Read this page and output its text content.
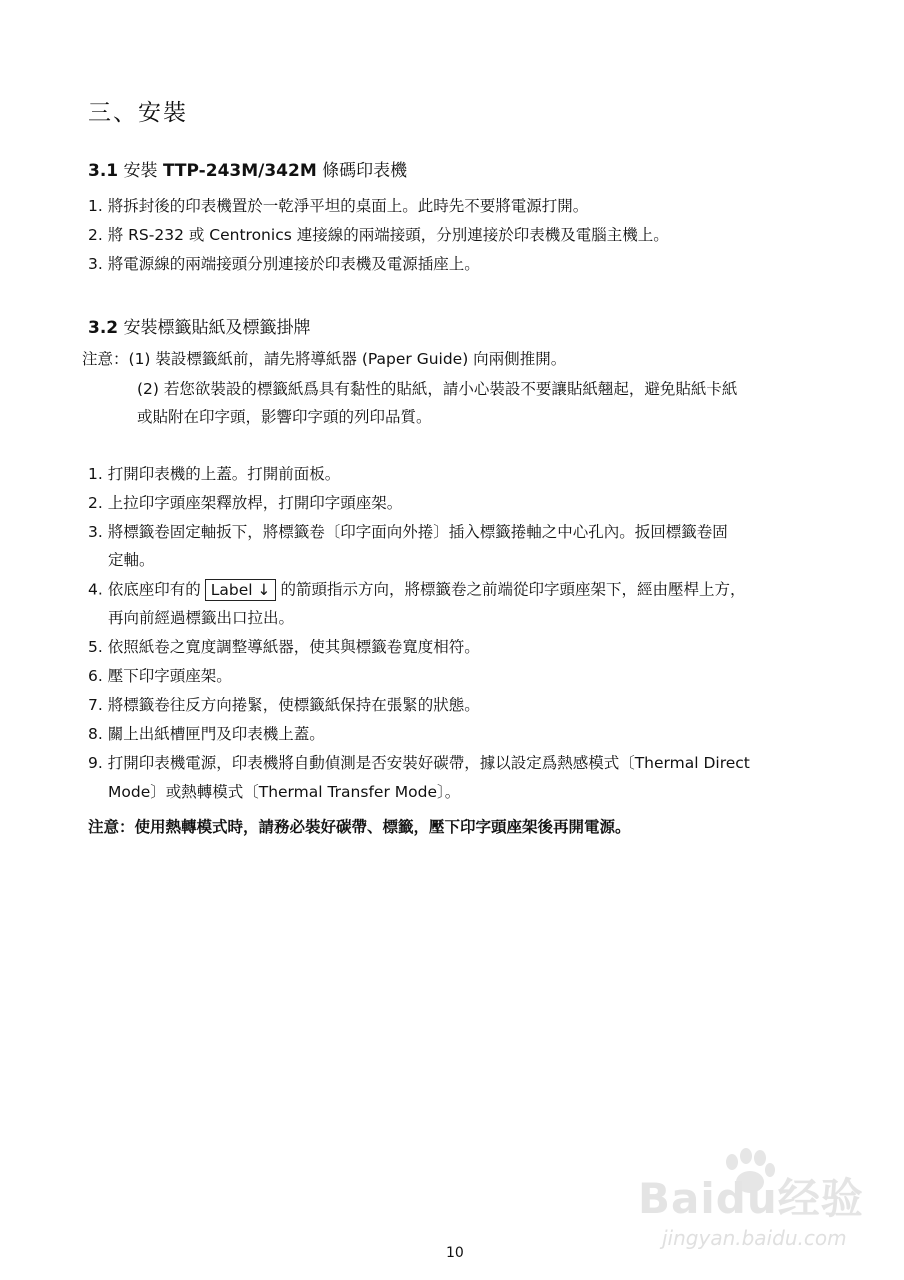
三、安裝
3.1 安裝 TTP-243M/342M 條碼印表機
1. 將拆封後的印表機置於一乾淨平坦的桌面上。此時先不要將電源打開。
2. 將 RS-232 或 Centronics 連接線的兩端接頭，分別連接於印表機及電腦主機上。
3. 將電源線的兩端接頭分別連接於印表機及電源插座上。
3.2 安裝標籤貼紙及標籤掛牌
注意：(1) 裝設標籤紙前，請先將導紙器 (Paper Guide) 向兩側推開。
(2) 若您欲裝設的標籤紙爲具有黏性的貼紙，請小心裝設不要讓貼紙翹起，避免貼紙卡紙
或貼附在印字頭，影響印字頭的列印品質。
1. 打開印表機的上蓋。打開前面板。
2. 上拉印字頭座架釋放桿，打開印字頭座架。
3. 將標籤卷固定軸扳下，將標籤卷〔印字面向外捲〕插入標籤捲軸之中心孔內。扳回標籤卷固
定軸。
4. 依底座印有的 Label ↓ 的箭頭指示方向，將標籤卷之前端從印字頭座架下，經由壓桿上方，
再向前經過標籤出口拉出。
5. 依照紙卷之寬度調整導紙器，使其與標籤卷寬度相符。
6. 壓下印字頭座架。
7. 將標籤卷往反方向捲緊，使標籤紙保持在張緊的狀態。
8. 關上出紙槽匣門及印表機上蓋。
9. 打開印表機電源，印表機將自動偵測是否安裝好碳帶，據以設定爲熱感模式〔Thermal Direct
Mode〕或熱轉模式〔Thermal Transfer Mode〕。
注意：使用熱轉模式時，請務必裝好碳帶、標籤，壓下印字頭座架後再開電源。
Baidu经验
jingyan.baidu.com
10
